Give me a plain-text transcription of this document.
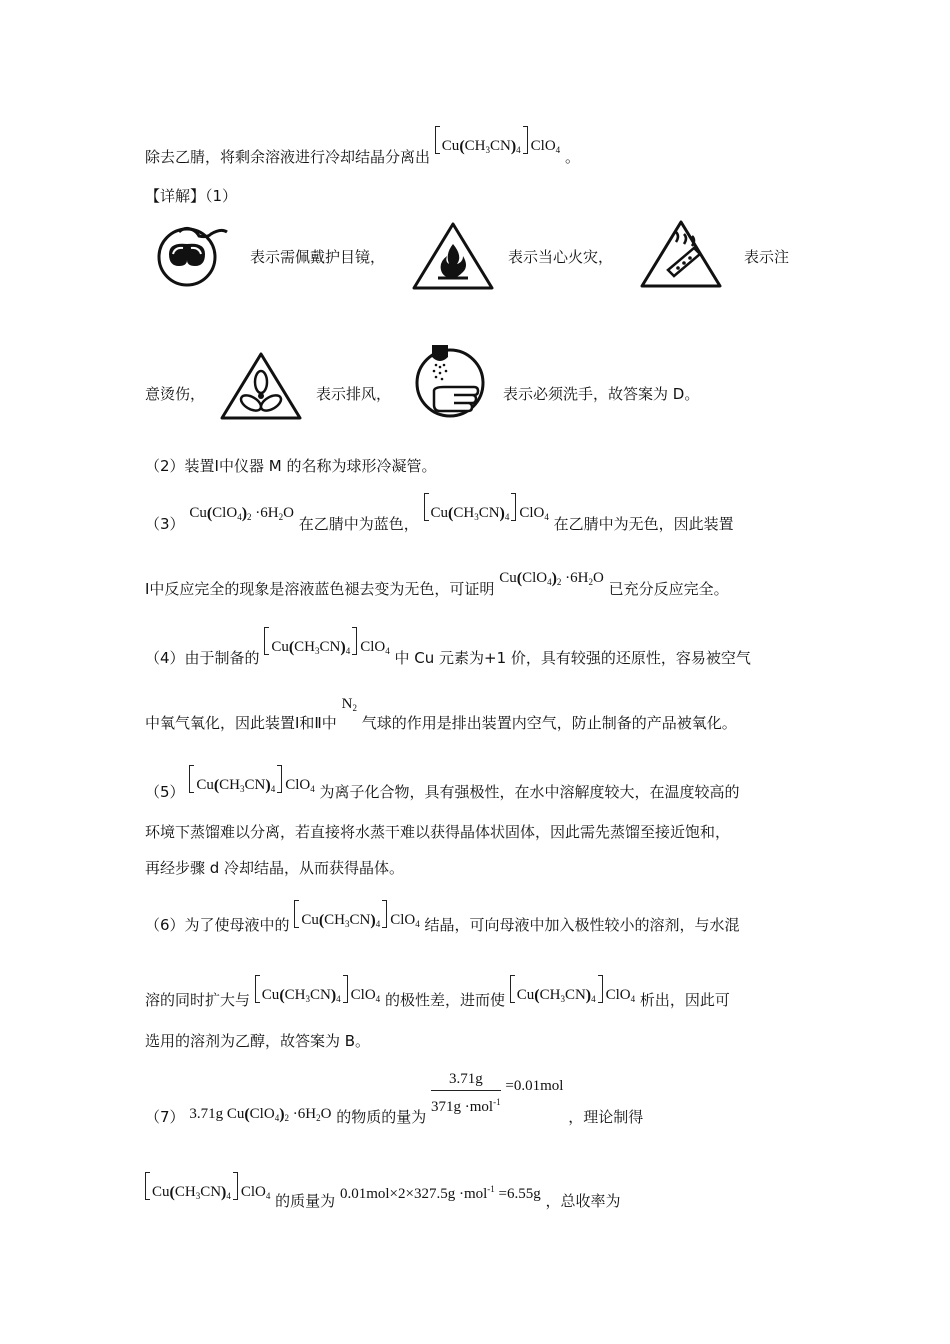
除去乙腈，将剩余溶液进行冷却结晶分离出 $Cu(CH_3CN)_4$ ClO$_4$ 。
【详解】（1）
表示需佩戴护目镜，	表示当心火灾，	表示注
意烫伤，	表示排风，	表示必须洗手，故答案为 D。
（2）装置Ⅰ中仪器 M 的名称为球形冷凝管。
（3） $Cu(ClO_4)_2 \cdot 6H_2O$ 在乙腈中为蓝色， $Cu(CH_3CN)_4$ ClO$_4$ 在乙腈中为无色，因此装置
Ⅰ中反应完全的现象是溶液蓝色褪去变为无色，可证明 $Cu(ClO_4)_2 \cdot 6H_2O$ 已充分反应完全。
（4）由于制备的 $Cu(CH_3CN)_4$ ClO$_4$ 中 Cu 元素为+1 价，具有较强的还原性，容易被空气
中氧气氧化，因此装置Ⅰ和Ⅱ中 $N_2$ 气球的作用是排出装置内空气，防止制备的产品被氧化。
（5） $Cu(CH_3CN)_4$ ClO$_4$ 为离子化合物，具有强极性，在水中溶解度较大，在温度较高的
环境下蒸馏难以分离，若直接将水蒸干难以获得晶体状固体，因此需先蒸馏至接近饱和，
再经步骤 d 冷却结晶，从而获得晶体。
（6）为了使母液中的 $Cu(CH_3CN)_4$ ClO$_4$ 结晶，可向母液中加入极性较小的溶剂，与水混
溶的同时扩大与 $Cu(CH_3CN)_4$ ClO$_4$ 的极性差，进而使 $Cu(CH_3CN)_4$ ClO$_4$ 析出，因此可
选用的溶剂为乙醇，故答案为 B。
（7） 3.71g $Cu(ClO_4)_2 \cdot 6H_2O$ 的物质的量为 $\frac{3.71g}{371g \cdot mol^{-1}} =0.01mol$ ，理论制得
$Cu(CH_3CN)_4$ ClO$_4$ 的质量为 0.01mol×2×327.5g ·mol$^{-1}$ =6.55g ，总收率为
